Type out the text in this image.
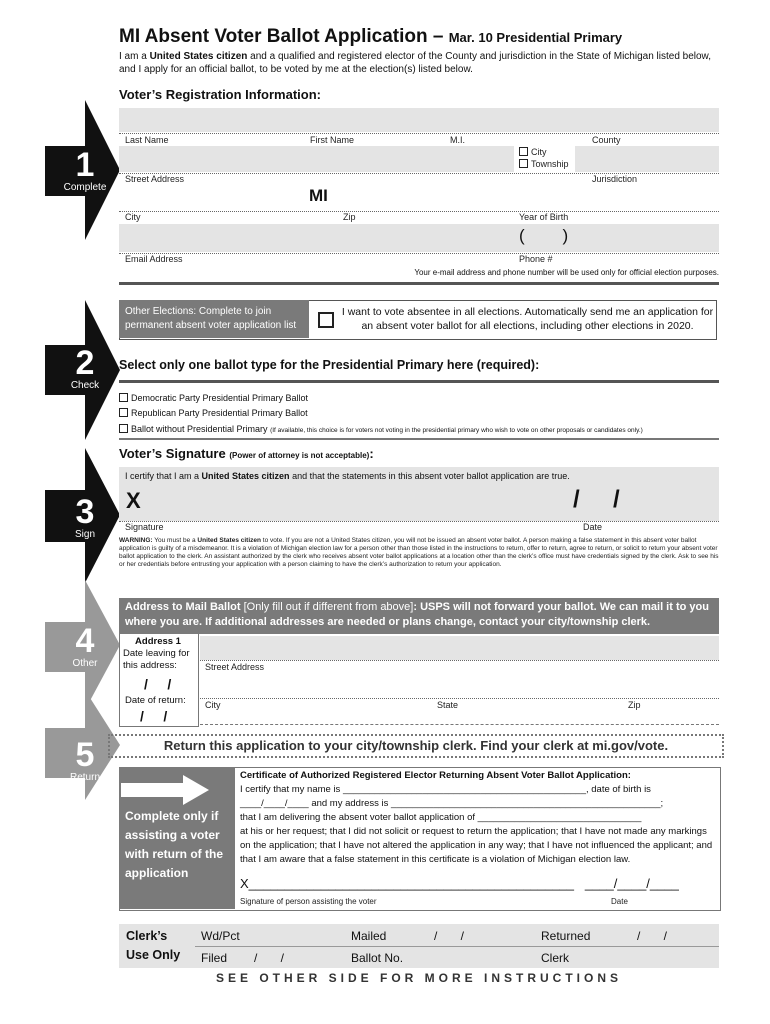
MI Absent Voter Ballot Application – Mar. 10 Presidential Primary
I am a United States citizen and a qualified and registered elector of the County and jurisdiction in the State of Michigan listed below, and I apply for an official ballot, to be voted by me at the election(s) listed below.
1
Complete
2
Check
3
Sign
4
Other
5
Return
Voter’s Registration Information:
Last Name	First Name	M.I.	County
City
Township
Street Address	Jurisdiction
MI
City	Zip	Year of Birth
(        )
Email Address	Phone #
Your e-mail address and phone number will be used only for official election purposes.
Other Elections: Complete to join permanent absent voter application list
I want to vote absentee in all elections. Automatically send me an application for an absent voter ballot for all elections, including other elections in 2020.
Select only one ballot type for the Presidential Primary here (required):
Democratic Party Presidential Primary Ballot
Republican Party Presidential Primary Ballot
Ballot without Presidential Primary (If available, this choice is for voters not voting in the presidential primary who wish to vote on other proposals or candidates only.)
Voter’s Signature (Power of attorney is not acceptable):
I certify that I am a United States citizen and that the statements in this absent voter ballot application are true.
X	/     /
Signature	Date
WARNING: You must be a United States citizen to vote. If you are not a United States citizen, you will not be issued an absent voter ballot. A person making a false statement in this absent voter ballot application is guilty of a misdemeanor. It is a violation of Michigan election law for a person other than those listed in the instructions to return, offer to return, agree to return, or solicit to return your absent voter ballot application to the clerk. An assistant authorized by the clerk who receives absent voter ballot applications at a location other than the clerk’s office must have credentials signed by the clerk. Ask to see his or her credentials before entrusting your application with a person claiming to have the clerk’s authorization to return your application.
Address to Mail Ballot [Only fill out if different from above]: USPS will not forward your ballot. We can mail it to you where you are. If additional addresses are needed or plans change, contact your city/township clerk.
Address 1
Date leaving for this address:
/     /
Date of return:
/     /
Street Address
City	State	Zip
Return this application to your city/township clerk. Find your clerk at mi.gov/vote.
Complete only if assisting a voter with return of the application
Certificate of Authorized Registered Elector Returning Absent Voter Ballot Application:
I certify that my name is ______________________________________________, date of birth is
____/____/____ and my address is ___________________________________________________;
that I am delivering the absent voter ballot application of _______________________________
at his or her request; that I did not solicit or request to return the application; that I have not made any markings on the application; that I have not altered the application in any way; that I have not influenced the applicant; and that I am aware that a false statement in this certificate is a violation of Michigan election law.
X_____________________________________________   ____/____/____
Signature of person assisting the voter	Date
Clerk’s Use Only
Wd/Pct	Mailed	/       /	Returned	/       /
Filed /       /	Ballot No.	Clerk
SEE OTHER SIDE FOR MORE INSTRUCTIONS
